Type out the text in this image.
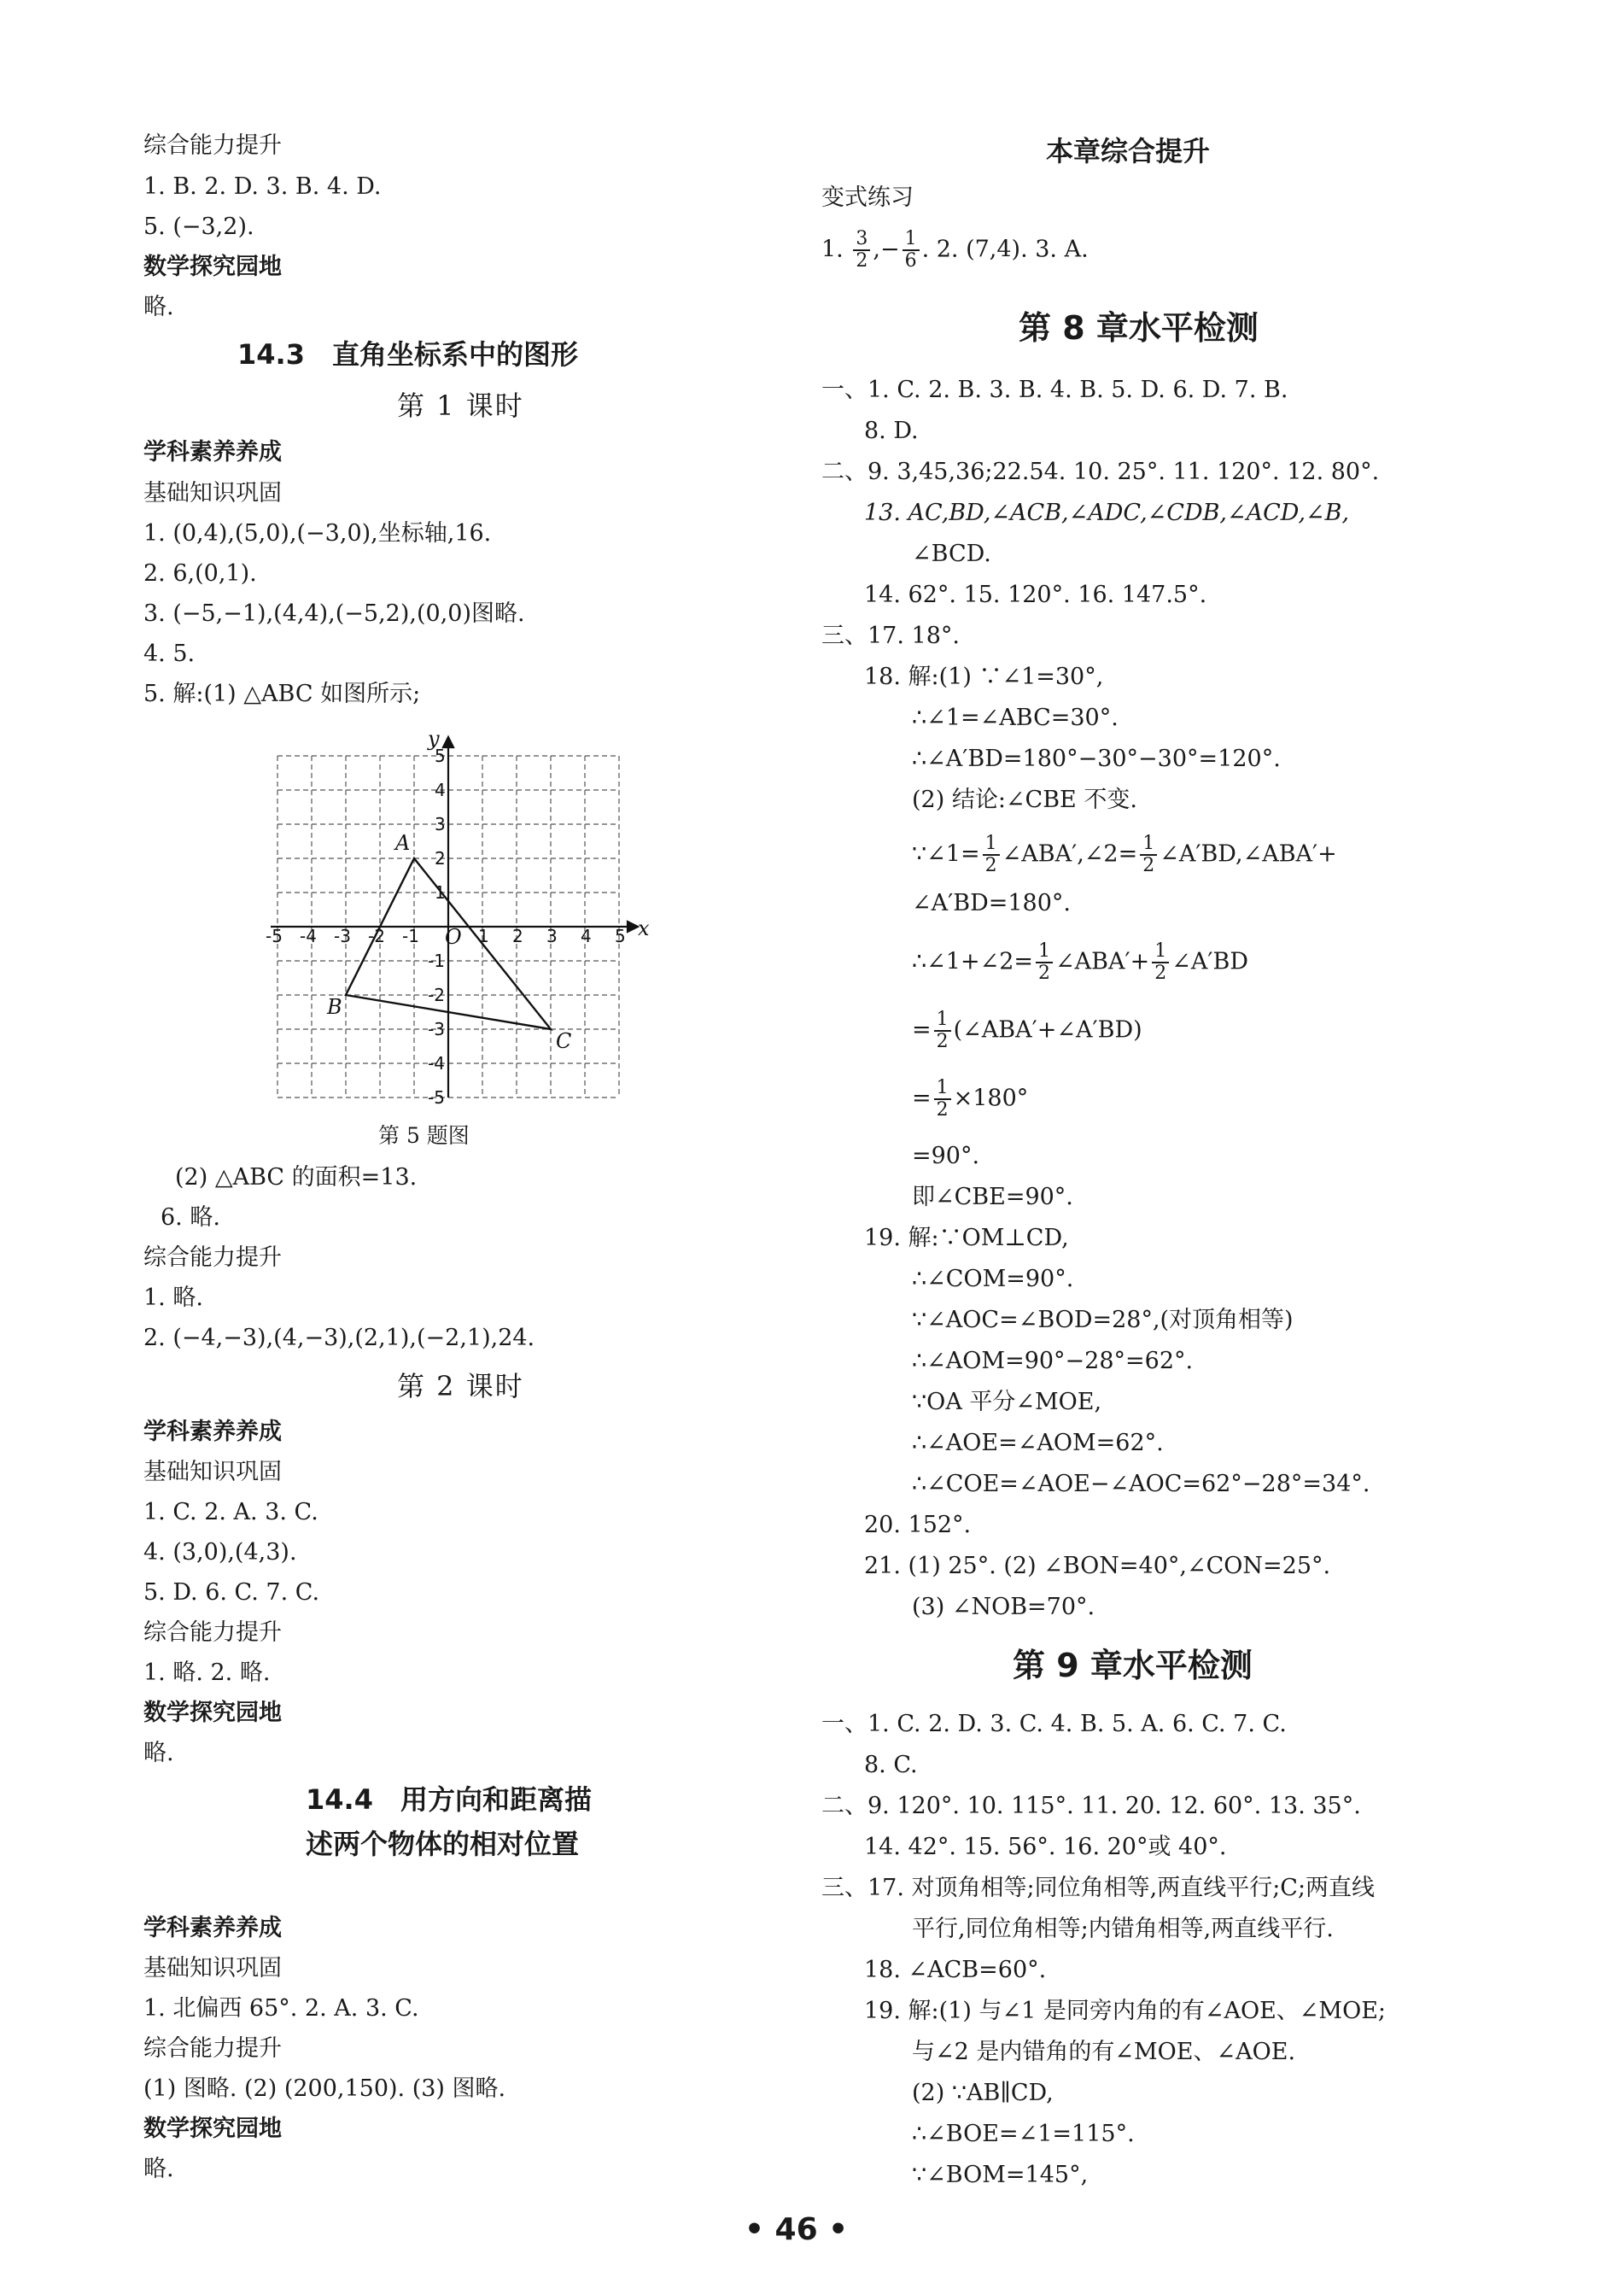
综合能力提升
1. B. 2. D. 3. B. 4. D.
5. (−3,2).
数学探究园地
略.
14.3　直角坐标系中的图形
第 1 课时
学科素养养成
基础知识巩固
1. (0,4),(5,0),(−3,0),坐标轴,16.
2. 6,(0,1).
3. (−5,−1),(4,4),(−5,2),(0,0)图略.
4. 5.
5. 解:(1) △ABC 如图所示;
-5 -4 -3 -2 -1	1 2 3 4 5
5
4
3
2
1
-1
-2
-3
-4
-5
A
B
C
O	x
y
第 5 题图
(2) △ABC 的面积=13.
6. 略.
综合能力提升
1. 略.
2. (−4,−3),(4,−3),(2,1),(−2,1),24.
第 2 课时
学科素养养成
基础知识巩固
1. C. 2. A. 3. C.
4. (3,0),(4,3).
5. D. 6. C. 7. C.
综合能力提升
1. 略. 2. 略.
数学探究园地
略.
14.4　用方向和距离描
述两个物体的相对位置
学科素养养成
基础知识巩固
1. 北偏西 65°. 2. A. 3. C.
综合能力提升
(1) 图略. (2) (200,150). (3) 图略.
数学探究园地
略.
本章综合提升
变式练习
1. $\frac{3}{2}$ ,− $\frac{1}{6}$ . 2. (7,4). 3. A.
第 8 章水平检测
一、1. C. 2. B. 3. B. 4. B. 5. D. 6. D. 7. B.
8. D.
二、9. 3,45,36;22.54. 10. 25°. 11. 120°. 12. 80°.
13. AC,BD,∠ACB,∠ADC,∠CDB,∠ACD,∠B,
∠BCD.
14. 62°. 15. 120°. 16. 147.5°.
三、17. 18°.
18. 解:(1) ∵∠1=30°,
∴∠1=∠ABC=30°.
∴∠A′BD=180°−30°−30°=120°.
(2) 结论:∠CBE 不变.
∵∠1= $\frac{1}{2}$ ∠ABA′,∠2= $\frac{1}{2}$ ∠A′BD,∠ABA′+
∠A′BD=180°.
∴∠1+∠2= $\frac{1}{2}$ ∠ABA′+ $\frac{1}{2}$ ∠A′BD
= $\frac{1}{2}$ (∠ABA′+∠A′BD)
= $\frac{1}{2} \times 180^\circ$
=90°.
即∠CBE=90°.
19. 解:∵OM⊥CD,
∴∠COM=90°.
∵∠AOC=∠BOD=28°,(对顶角相等)
∴∠AOM=90°−28°=62°.
∵OA 平分∠MOE,
∴∠AOE=∠AOM=62°.
∴∠COE=∠AOE−∠AOC=62°−28°=34°.
20. 152°.
21. (1) 25°. (2) ∠BON=40°,∠CON=25°.
(3) ∠NOB=70°.
第 9 章水平检测
一、1. C. 2. D. 3. C. 4. B. 5. A. 6. C. 7. C.
8. C.
二、9. 120°. 10. 115°. 11. 20. 12. 60°. 13. 35°.
14. 42°. 15. 56°. 16. 20°或 40°.
三、17. 对顶角相等;同位角相等,两直线平行;C;两直线
平行,同位角相等;内错角相等,两直线平行.
18. ∠ACB=60°.
19. 解:(1) 与∠1 是同旁内角的有∠AOE、∠MOE;
与∠2 是内错角的有∠MOE、∠AOE.
(2) ∵AB∥CD,
∴∠BOE=∠1=115°.
∵∠BOM=145°,
• 46 •
